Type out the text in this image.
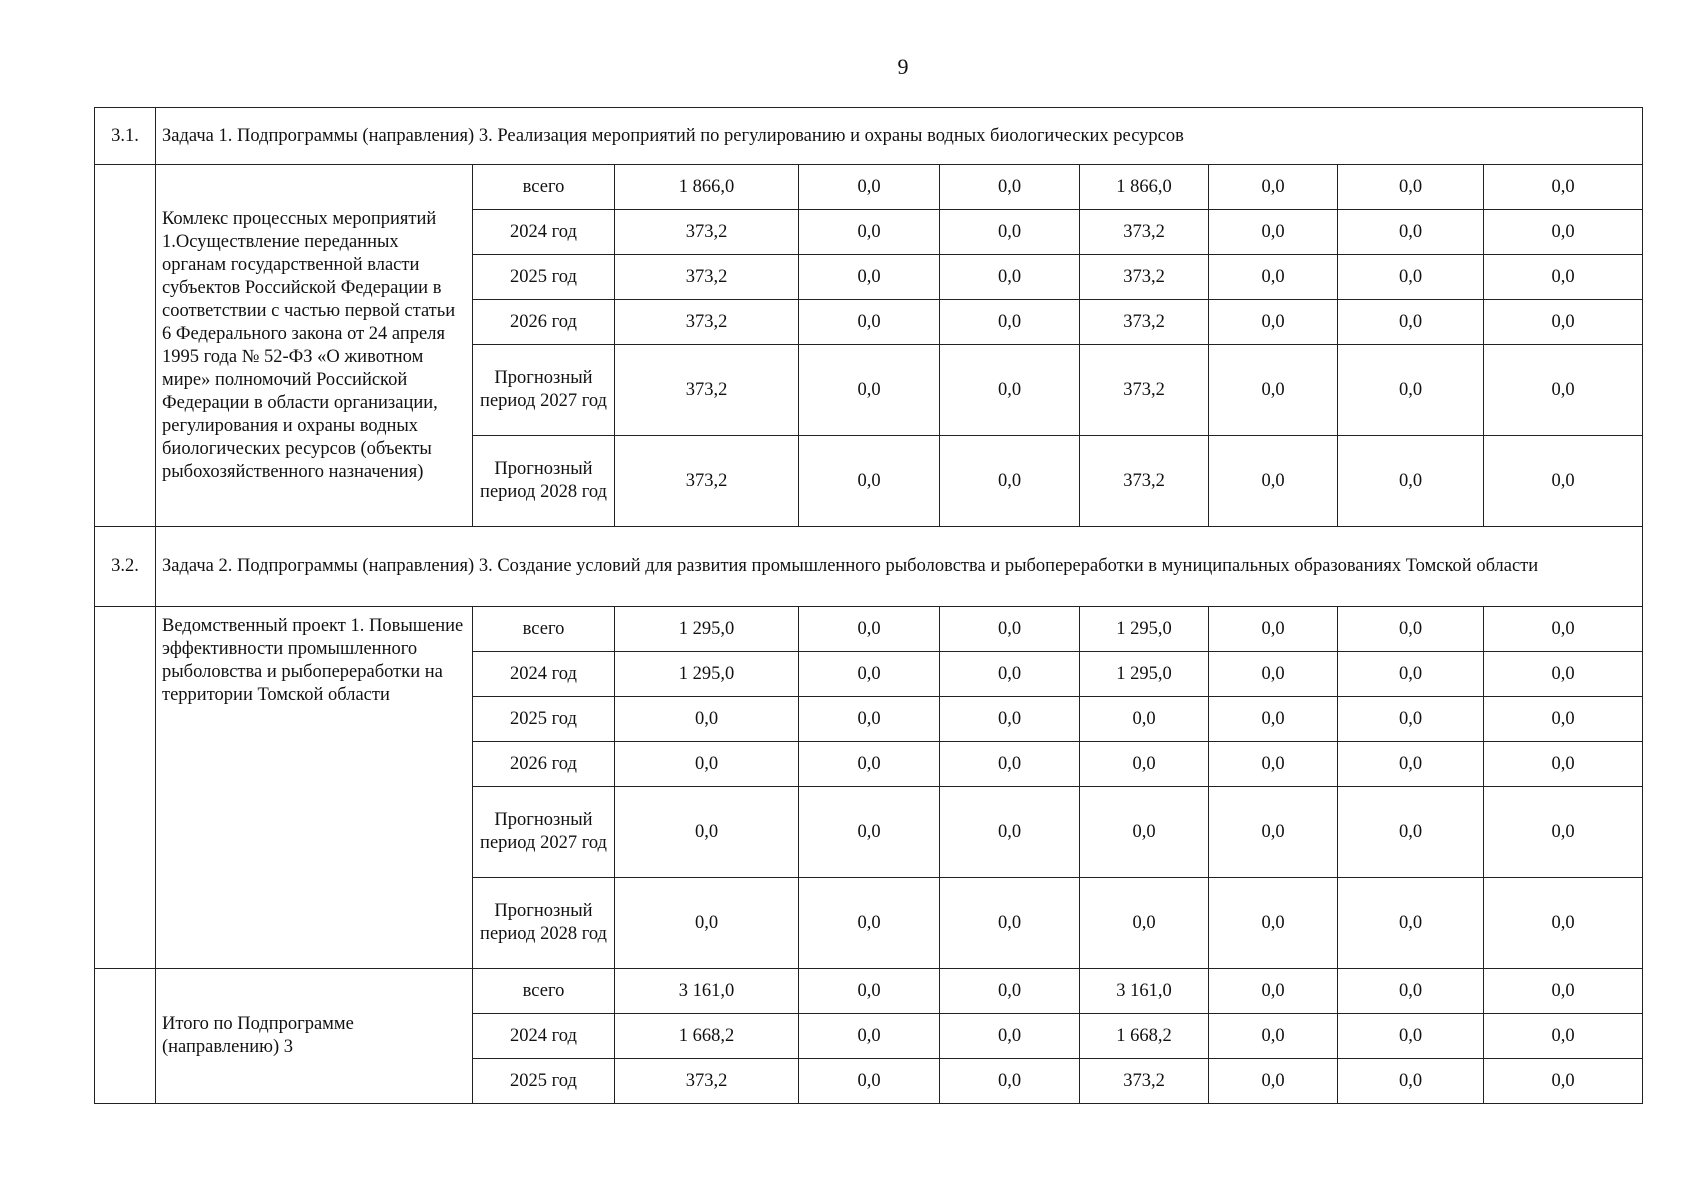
9
3.1.	Задача 1. Подпрограммы (направления) 3. Реализация мероприятий по регулированию и охраны водных биологических ресурсов								
	Комлекс процессных мероприятий 1.Осуществление переданных органам государственной власти субъектов Российской Федерации в соответствии с частью первой статьи 6 Федерального закона от 24 апреля 1995 года № 52-ФЗ «О животном мире» полномочий Российской Федерации в области организации, регулирования и охраны водных биологических ресурсов (объекты рыбохозяйственного назначения)	всего	1 866,0	0,0	0,0	1 866,0	0,0	0,0	0,0
		2024 год	373,2	0,0	0,0	373,2	0,0	0,0	0,0
		2025 год	373,2	0,0	0,0	373,2	0,0	0,0	0,0
		2026 год	373,2	0,0	0,0	373,2	0,0	0,0	0,0
		Прогнозный период 2027 год	373,2	0,0	0,0	373,2	0,0	0,0	0,0
		Прогнозный период 2028 год	373,2	0,0	0,0	373,2	0,0	0,0	0,0
3.2.	Задача 2. Подпрограммы (направления) 3. Создание условий для развития промышленного рыболовства и рыбопереработки в муниципальных образованиях Томской области								
	Ведомственный проект 1. Повышение эффективности промышленного рыболовства и рыбопереработки на территории Томской области	всего	1 295,0	0,0	0,0	1 295,0	0,0	0,0	0,0
		2024 год	1 295,0	0,0	0,0	1 295,0	0,0	0,0	0,0
		2025 год	0,0	0,0	0,0	0,0	0,0	0,0	0,0
		2026 год	0,0	0,0	0,0	0,0	0,0	0,0	0,0
		Прогнозный период 2027 год	0,0	0,0	0,0	0,0	0,0	0,0	0,0
		Прогнозный период 2028 год	0,0	0,0	0,0	0,0	0,0	0,0	0,0
	Итого по Подпрограмме (направлению) 3	всего	3 161,0	0,0	0,0	3 161,0	0,0	0,0	0,0
		2024 год	1 668,2	0,0	0,0	1 668,2	0,0	0,0	0,0
		2025 год	373,2	0,0	0,0	373,2	0,0	0,0	0,0
